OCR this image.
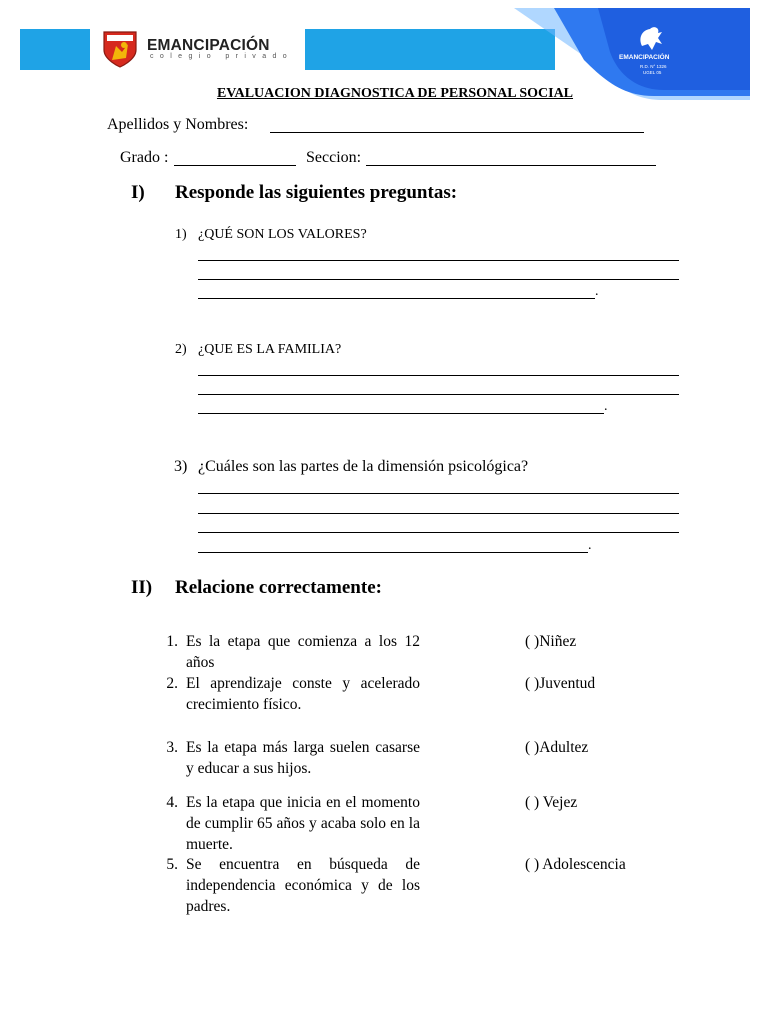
EMANCIPACIÓN
colegio privado	EMANCIPACIÓN
R.D. N° 1326
UGEL 05
EVALUACION DIAGNOSTICA DE PERSONAL SOCIAL
Apellidos y Nombres:
Grado :	Seccion:
I) Responde las siguientes preguntas:
1) ¿QUÉ SON LOS VALORES?
.
2) ¿QUE ES LA FAMILIA?
.
3) ¿Cuáles son las partes de la dimensión psicológica?
.
II) Relacione correctamente:
1. Es la etapa que comienza a los 12 años
2. El aprendizaje conste y acelerado crecimiento físico.
3. Es la etapa más larga suelen casarse y educar a sus hijos.
4. Es la etapa que inicia en el momento de cumplir 65 años y acaba solo en la muerte.
5. Se encuentra en búsqueda de independencia económica y de los padres.
( )Niñez
( )Juventud
( )Adultez
( ) Vejez
( ) Adolescencia
